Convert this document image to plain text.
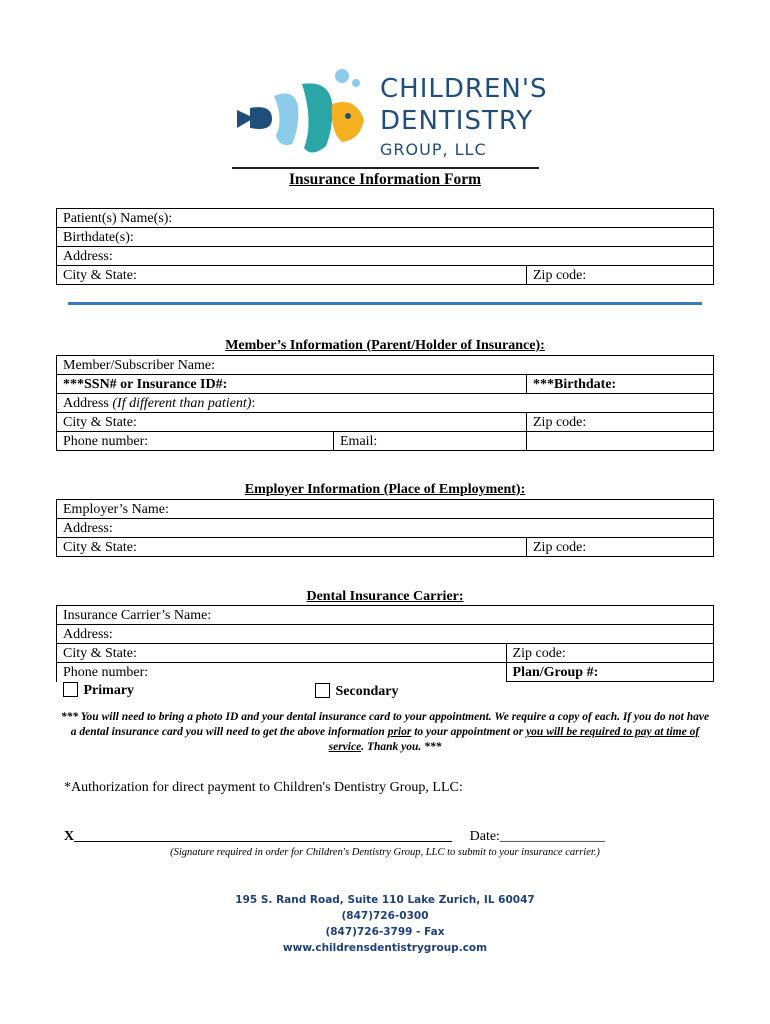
CHILDREN'S
DENTISTRY
GROUP, LLC
Insurance Information Form
Patient(s) Name(s):
Birthdate(s):
Address:
City & State:	Zip code:
Member’s Information (Parent/Holder of Insurance):
Member/Subscriber Name:		
***SSN# or Insurance ID#:		***Birthdate:
Address (If different than patient):		
City & State:		Zip code:
Phone number:	Email:	
Employer Information (Place of Employment):
Employer’s Name:
Address:
City & State:	Zip code:
Dental Insurance Carrier:
Insurance Carrier’s Name:		
Address:		
City & State:		Zip code:
Phone number:		Plan/Group #:
Primary	Secondary	
*** You will need to bring a photo ID and your dental insurance card to your appointment. We require a copy of each. If you do not have a dental insurance card you will need to get the above information prior to your appointment or you will be required to pay at time of service. Thank you. ***
*Authorization for direct payment to Children's Dentistry Group, LLC:
X______________________________________________________ Date:_______________
(Signature required in order for Children's Dentistry Group, LLC to submit to your insurance carrier.)
195 S. Rand Road, Suite 110 Lake Zurich, IL 60047
(847)726-0300
(847)726-3799 - Fax
www.childrensdentistrygroup.com
